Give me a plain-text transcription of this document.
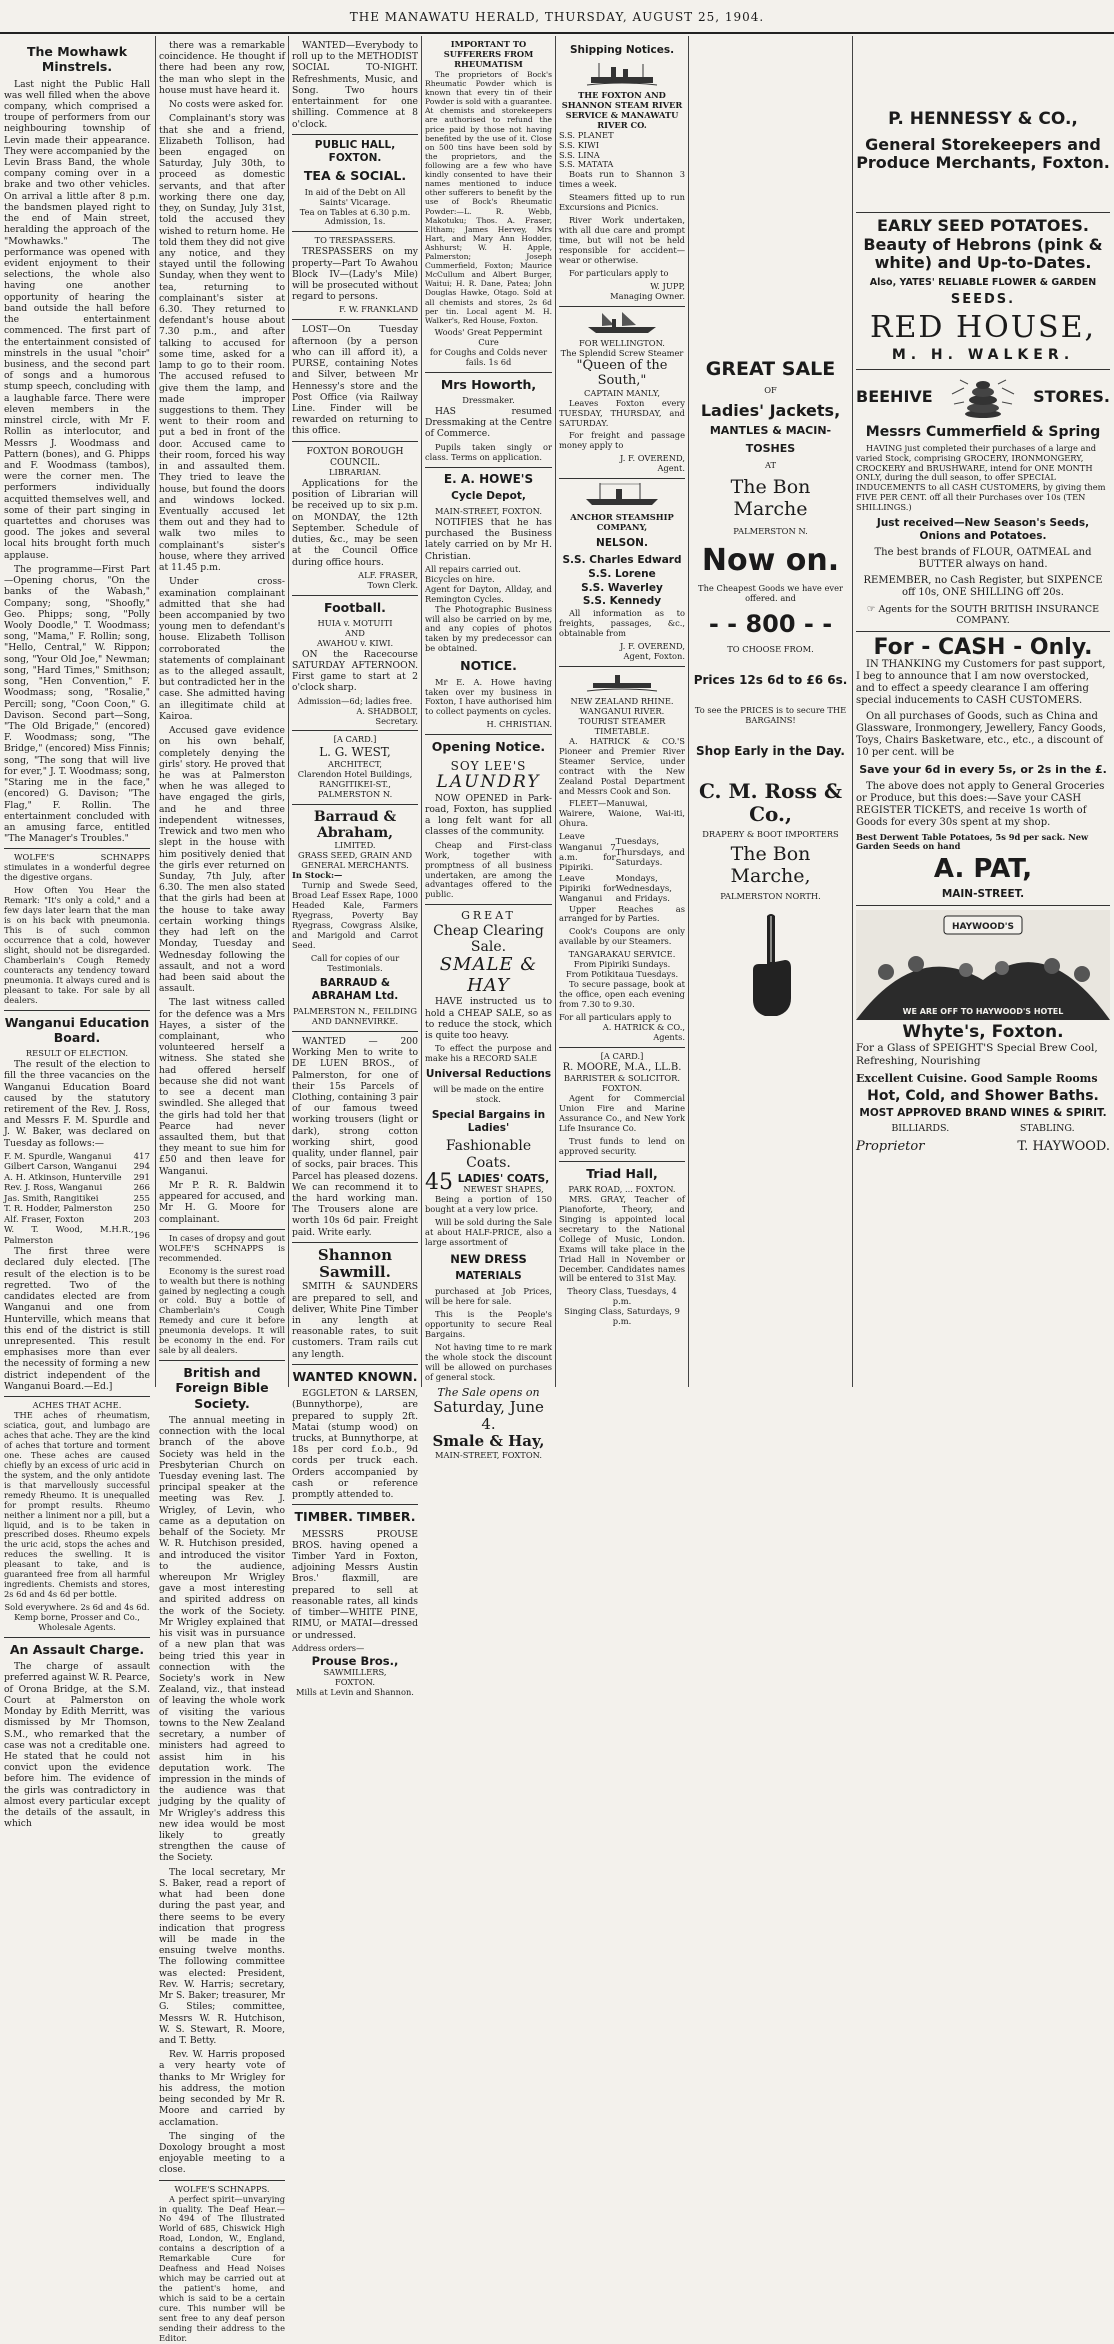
THE MANAWATU HERALD, THURSDAY, AUGUST 25, 1904.
The Mowhawk Minstrels.

Last night the Public Hall was well filled when the above company, which comprised a troupe of performers from our neighbouring township of Levin made their appearance. They were accompanied by the Levin Brass Band, the whole company coming over in a brake and two other vehicles. On arrival a little after 8 p.m. the bandsmen played right to the end of Main street, heralding the approach of the "Mowhawks." The performance was opened with evident enjoyment to their selections, the whole also having one another opportunity of hearing the band outside the hall before the entertainment commenced. The first part of the entertainment consisted of minstrels in the usual "choir" business, and the second part of songs and a humorous stump speech, concluding with a laughable farce. There were eleven members in the minstrel circle, with Mr F. Rollin as interlocutor, and Messrs J. Woodmass and Pattern (bones), and G. Phipps and F. Woodmass (tambos), were the corner men. The performers individually acquitted themselves well, and some of their part singing in quartettes and choruses was good. The jokes and several local hits brought forth much applause.

The programme—First Part—Opening chorus, "On the banks of the Wabash," Company; song, "Shoofly," Geo. Phipps; song, "Polly Wooly Doodle," T. Woodmass; song, "Mama," F. Rollin; song, "Hello, Central," W. Rippon; song, "Your Old Joe," Newman; song, "Hard Times," Smithson; song, "Hen Convention," F. Woodmass; song, "Rosalie," Percill; song, "Coon Coon," G. Davison. Second part—Song, "The Old Brigade," (encored) F. Woodmass; song, "The Bridge," (encored) Miss Finnis; song, "The song that will live for ever," J. T. Woodmass; song, "Staring me in the face," (encored) G. Davison; "The Flag," F. Rollin. The entertainment concluded with an amusing farce, entitled "The Manager's Troubles."

WOLFE'S SCHNAPPS stimulates in a wonderful degree the digestive organs.

How Often You Hear the Remark: "It's only a cold," and a few days later learn that the man is on his back with pneumonia. This is of such common occurrence that a cold, however slight, should not be disregarded. Chamberlain's Cough Remedy counteracts any tendency toward pneumonia. It always cured and is pleasant to take. For sale by all dealers.

Wanganui Education Board.
RESULT OF ELECTION.

The result of the election to fill the three vacancies on the Wanganui Education Board caused by the statutory retirement of the Rev. J. Ross, and Messrs F. M. Spurdle and J. W. Baker, was declared on Tuesday as follows:—

F. M. Spurdle, Wanganui	417
Gilbert Carson, Wanganui	294
A. H. Atkinson, Hunterville	291
Rev. J. Ross, Wanganui	266
Jas. Smith, Rangitikei	255
T. R. Hodder, Palmerston	250
Alf. Fraser, Foxton	203
W. T. Wood, M.H.R., Palmerston	196

The first three were declared duly elected. [The result of the election is to be regretted. Two of the candidates elected are from Wanganui and one from Hunterville, which means that this end of the district is still unrepresented. This result emphasises more than ever the necessity of forming a new district independent of the Wanganui Board.—Ed.]

ACHES THAT ACHE.

THE aches of rheumatism, sciatica, gout, and lumbago are aches that ache. They are the kind of aches that torture and torment one. These aches are caused chiefly by an excess of uric acid in the system, and the only antidote is that marvellously successful remedy Rheumo. It is unequalled for prompt results. Rheumo neither a liniment nor a pill, but a liquid, and is to be taken in prescribed doses. Rheumo expels the uric acid, stops the aches and reduces the swelling. It is pleasant to take, and is guaranteed free from all harmful ingredients. Chemists and stores, 2s 6d and 4s 6d per bottle.

Sold everywhere. 2s 6d and 4s 6d.
Kemp borne, Prosser and Co., Wholesale Agents.
An Assault Charge.

The charge of assault preferred against W. R. Pearce, of Orona Bridge, at the S.M. Court at Palmerston on Monday by Edith Merritt, was dismissed by Mr Thomson, S.M., who remarked that the case was not a creditable one. He stated that he could not convict upon the evidence before him. The evidence of the girls was contradictory in almost every particular except the details of the assault, in which

there was a remarkable coincidence. He thought if there had been any row, the man who slept in the house must have heard it.

No costs were asked for.

Complainant's story was that she and a friend, Elizabeth Tollison, had been engaged on Saturday, July 30th, to proceed as domestic servants, and that after working there one day, they, on Sunday, July 31st, told the accused they wished to return home. He told them they did not give any notice, and they stayed until the following Sunday, when they went to tea, returning to complainant's sister at 6.30. They returned to defendant's house about 7.30 p.m., and after talking to accused for some time, asked for a lamp to go to their room. The accused refused to give them the lamp, and made improper suggestions to them. They went to their room and put a bed in front of the door. Accused came to their room, forced his way in and assaulted them. They tried to leave the house, but found the doors and windows locked. Eventually accused let them out and they had to walk two miles to complainant's sister's house, where they arrived at 11.45 p.m.

Under cross-examination complainant admitted that she had been accompanied by two young men to defendant's house. Elizabeth Tollison corroborated the statements of complainant as to the alleged assault, but contradicted her in the case. She admitted having an illegitimate child at Kairoa.

Accused gave evidence on his own behalf, completely denying the girls' story. He proved that he was at Palmerston when he was alleged to have engaged the girls, and he and three independent witnesses, Trewick and two men who slept in the house with him positively denied that the girls ever returned on Sunday, 7th July, after 6.30. The men also stated that the girls had been at the house to take away certain working things they had left on the Monday, Tuesday and Wednesday following the assault, and not a word had been said about the assault.

The last witness called for the defence was a Mrs Hayes, a sister of the complainant, who volunteered herself a witness. She stated she had offered herself because she did not want to see a decent man swindled. She alleged that the girls had told her that Pearce had never assaulted them, but that they meant to sue him for £50 and then leave for Wanganui.

Mr P. R. R. Baldwin appeared for accused, and Mr H. G. Moore for complainant.

In cases of dropsy and gout WOLFE'S SCHNAPPS is recommended.

Economy is the surest road to wealth but there is nothing gained by neglecting a cough or cold. Buy a bottle of Chamberlain's Cough Remedy and cure it before pneumonia develops. It will be economy in the end. For sale by all dealers.

British and Foreign Bible Society.

The annual meeting in connection with the local branch of the above Society was held in the Presbyterian Church on Tuesday evening last. The principal speaker at the meeting was Rev. J. Wrigley, of Levin, who came as a deputation on behalf of the Society. Mr W. R. Hutchison presided, and introduced the visitor to the audience, whereupon Mr Wrigley gave a most interesting and spirited address on the work of the Society. Mr Wrigley explained that his visit was in pursuance of a new plan that was being tried this year in connection with the Society's work in New Zealand, viz., that instead of leaving the whole work of visiting the various towns to the New Zealand secretary, a number of ministers had agreed to assist him in his deputation work. The impression in the minds of the audience was that judging by the quality of Mr Wrigley's address this new idea would be most likely to greatly strengthen the cause of the Society.

The local secretary, Mr S. Baker, read a report of what had been done during the past year, and there seems to be every indication that progress will be made in the ensuing twelve months. The following committee was elected: President, Rev. W. Harris; secretary, Mr S. Baker; treasurer, Mr G. Stiles; committee, Messrs W. R. Hutchison, W. S. Stewart, R. Moore, and T. Betty.

Rev. W. Harris proposed a very hearty vote of thanks to Mr Wrigley for his address, the motion being seconded by Mr R. Moore and carried by acclamation.

The singing of the Doxology brought a most enjoyable meeting to a close.

WOLFE'S SCHNAPPS.

A perfect spirit—unvarying in quality. The Deaf Hear.—No 494 of The Illustrated World of 685, Chiswick High Road, London, W., England, contains a description of a Remarkable Cure for Deafness and Head Noises which may be carried out at the patient's home, and which is said to be a certain cure. This number will be sent free to any deaf person sending their address to the Editor.

WANTED—Everybody to roll up to the METHODIST SOCIAL TO-NIGHT. Refreshments, Music, and Song. Two hours entertainment for one shilling. Commence at 8 o'clock.

PUBLIC HALL, FOXTON.
TEA & SOCIAL.
In aid of the Debt on All Saints' Vicarage.
Tea on Tables at 6.30 p.m.
Admission, 1s.
TO TRESPASSERS.

TRESPASSERS on my property—Part To Awahou Block IV—(Lady's Mile) will be prosecuted without regard to persons.

F. W. FRANKLAND

LOST—On Tuesday afternoon (by a person who can ill afford it), a PURSE, containing Notes and Silver, between Mr Hennessy's store and the Post Office (via Railway Line. Finder will be rewarded on returning to this office.

FOXTON BOROUGH COUNCIL.
LIBRARIAN.

Applications for the position of Librarian will be received up to six p.m. on MONDAY, the 12th September. Schedule of duties, &c., may be seen at the Council Office during office hours.

ALF. FRASER,
Town Clerk.
Football.
HUIA v. MOTUITI
AND
AWAHOU v. KIWI.

ON the Racecourse SATURDAY AFTERNOON. First game to start at 2 o'clock sharp.

Admission—6d; ladies free.
A. SHADBOLT,
Secretary.
[A CARD.]
L. G. WEST,
ARCHITECT,
Clarendon Hotel Buildings,
RANGITIKEI-ST., PALMERSTON N.
Barraud & Abraham,
LIMITED.
GRASS SEED, GRAIN AND GENERAL MERCHANTS.
In Stock:—

Turnip and Swede Seed, Broad Leaf Essex Rape, 1000 Headed Kale, Farmers Ryegrass, Poverty Bay Ryegrass, Cowgrass Alsike, and Marigold and Carrot Seed.

Call for copies of our Testimonials.
BARRAUD & ABRAHAM Ltd.
PALMERSTON N., FEILDING AND DANNEVIRKE.

WANTED — 200 Working Men to write to DE LUEN BROS., of Palmerston, for one of their 15s Parcels of Clothing, containing 3 pair of our famous tweed working trousers (light or dark), strong cotton working shirt, good quality, under flannel, pair of socks, pair braces. This Parcel has pleased dozens. We can recommend it to the hard working man. The Trousers alone are worth 10s 6d pair. Freight paid. Write early.

Shannon Sawmill.

SMITH & SAUNDERS are prepared to sell, and deliver, White Pine Timber in any length at reasonable rates, to suit customers. Tram rails cut any length.

WANTED KNOWN.

EGGLETON & LARSEN, (Bunnythorpe), are prepared to supply 2ft. Matai (stump wood) on trucks, at Bunnythorpe, at 18s per cord f.o.b., 9d cords per truck each. Orders accompanied by cash or reference promptly attended to.

TIMBER. TIMBER.

MESSRS PROUSE BROS. having opened a Timber Yard in Foxton, adjoining Messrs Austin Bros.' flaxmill, are prepared to sell at reasonable rates, all kinds of timber—WHITE PINE, RIMU, or MATAI—dressed or undressed.

Address orders—
Prouse Bros.,
SAWMILLERS,
FOXTON.
Mills at Levin and Shannon.
IMPORTANT TO SUFFERERS FROM RHEUMATISM

The proprietors of Bock's Rheumatic Powder which is known that every tin of their Powder is sold with a guarantee. At chemists and storekeepers are authorised to refund the price paid by those not having benefited by the use of it. Close on 500 tins have been sold by the proprietors, and the following are a few who have kindly consented to have their names mentioned to induce other sufferers to benefit by the use of Bock's Rheumatic Powder:—L. R. Webb, Makotuku; Thos. A. Fraser, Eltham; James Hervey, Mrs Hart, and Mary Ann Hodder, Ashhurst; W. H. Apple, Palmerston; Joseph Cummerfield, Foxton; Maurice McCullum and Albert Burger, Waitui; H. R. Dane, Patea; John Douglas Hawke, Otago. Sold at all chemists and stores, 2s 6d per tin. Local agent M. H. Walker's, Red House, Foxton.

Woods' Great Peppermint Cure
for Coughs and Colds never fails. 1s 6d
Mrs Howorth,
Dressmaker.

HAS resumed Dressmaking at the Centre of Commerce.

Pupils taken singly or class. Terms on application.

E. A. HOWE'S
Cycle Depot,
MAIN-STREET, FOXTON.

NOTIFIES that he has purchased the Business lately carried on by Mr H. Christian.

All repairs carried out.
Bicycles on hire.
Agent for Dayton, Allday, and Remington Cycles.

The Photographic Business will also be carried on by me, and any copies of photos taken by my predecessor can be obtained.

NOTICE.

Mr E. A. Howe having taken over my business in Foxton, I have authorised him to collect payments on cycles.

H. CHRISTIAN.
Opening Notice.
SOY LEE'S
LAUNDRY

NOW OPENED in Park-road, Foxton, has supplied a long felt want for all classes of the community.

Cheap and First-class Work, together with promptness of all business undertaken, are among the advantages offered to the public.

GREAT
Cheap Clearing Sale.
SMALE & HAY

HAVE instructed us to hold a CHEAP SALE, so as to reduce the stock, which is quite too heavy.

To effect the purpose and make his a RECORD SALE

Universal Reductions
will be made on the entire stock.
Special Bargains in Ladies'
Fashionable Coats.
45 LADIES' COATS,
NEWEST SHAPES,

Being a portion of 150 bought at a very low price.

Will be sold during the Sale at about HALF-PRICE, also a large assortment of

NEW DRESS
MATERIALS

purchased at Job Prices, will be here for sale.

This is the People's opportunity to secure Real Bargains.

Not having time to re mark the whole stock the discount will be allowed on purchases of general stock.

The Sale opens on
Saturday, June 4.
Smale & Hay,
MAIN-STREET, FOXTON.
Shipping Notices.
THE FOXTON AND SHANNON STEAM RIVER SERVICE & MANAWATU RIVER CO.
S.S. PLANET
S.S. KIWI
S.S. LINA
S.S. MATATA

Boats run to Shannon 3 times a week.

Steamers fitted up to run Excursions and Picnics.

River Work undertaken, with all due care and prompt time, but will not be held responsible for accident—wear or otherwise.

For particulars apply to

W. JUPP,
Managing Owner.
FOR WELLINGTON.
The Splendid Screw Steamer
"Queen of the South,"
CAPTAIN MANLY,

Leaves Foxton every TUESDAY, THURSDAY, and SATURDAY.

For freight and passage money apply to

J. F. OVEREND,
Agent.
ANCHOR STEAMSHIP COMPANY,
NELSON.
S.S. Charles Edward
S.S. Lorene
S.S. Waverley
S.S. Kennedy

All information as to freights, passages, &c., obtainable from

J. F. OVEREND,
Agent, Foxton.
NEW ZEALAND RHINE.
WANGANUI RIVER.
TOURIST STEAMER TIMETABLE.

A. HATRICK & CO.'S Pioneer and Premier River Steamer Service, under contract with the New Zealand Postal Department and Messrs Cook and Son.

FLEET—Manuwai, Wairere, Waione, Wai-iti, Ohura.

Leave Wanganui 7 a.m. for Pipiriki.	Tuesdays, Thursdays, and Saturdays.
Leave Pipiriki for Wanganui	Mondays, Wednesdays, and Fridays.

Upper Reaches as arranged for by Parties.

Cook's Coupons are only available by our Steamers.

TANGARAKAU SERVICE.
From Pipiriki Sundays.
From Potikitaua Tuesdays.

To secure passage, book at the office, open each evening from 7.30 to 9.30.

For all particulars apply to
A. HATRICK & CO.,
Agents.
[A CARD.]
R. MOORE, M.A., LL.B.
BARRISTER & SOLICITOR.
FOXTON.

Agent for Commercial Union Fire and Marine Assurance Co., and New York Life Insurance Co.

Trust funds to lend on approved security.

Triad Hall,
PARK ROAD, ... FOXTON.

MRS. GRAY, Teacher of Pianoforte, Theory, and Singing is appointed local secretary to the National College of Music, London. Exams will take place in the Triad Hall in November or December. Candidates names will be entered to 31st May.

Theory Class, Tuesdays, 4 p.m.
Singing Class, Saturdays, 9 p.m.
GREAT SALE
OF
Ladies' Jackets,
MANTLES & MACIN-
TOSHES
AT
The Bon Marche
PALMERSTON N.
Now on.
The Cheapest Goods we have ever offered. and
- - 800 - -
TO CHOOSE FROM.
Prices 12s 6d to £6 6s.
To see the PRICES is to secure THE BARGAINS!
Shop Early in the Day.
C. M. Ross & Co.,
DRAPERY & BOOT IMPORTERS
The Bon Marche,
PALMERSTON NORTH.
P. HENNESSY & CO.,
General Storekeepers and Produce Merchants, Foxton.
EARLY SEED POTATOES.
Beauty of Hebrons (pink & white) and Up-to-Dates.
Also, YATES' RELIABLE FLOWER & GARDEN
SEEDS.
RED HOUSE,
M. H. WALKER.
BEEHIVE	STORES.
Messrs Cummerfield & Spring

HAVING just completed their purchases of a large and varied Stock, comprising GROCERY, IRONMONGERY, CROCKERY and BRUSHWARE, intend for ONE MONTH ONLY, during the dull season, to offer SPECIAL INDUCEMENTS to all CASH CUSTOMERS, by giving them FIVE PER CENT. off all their Purchases over 10s (TEN SHILLINGS.)

Just received—New Season's Seeds, Onions and Potatoes.
The best brands of FLOUR, OATMEAL and BUTTER always on hand.
REMEMBER, no Cash Register, but SIXPENCE off 10s, ONE SHILLING off 20s.
☞ Agents for the SOUTH BRITISH INSURANCE COMPANY.
For - CASH - Only.

IN THANKING my Customers for past support, I beg to announce that I am now overstocked, and to effect a speedy clearance I am offering special inducements to CASH CUSTOMERS.

On all purchases of Goods, such as China and Glassware, Ironmongery, Jewellery, Fancy Goods, Toys, Chairs Basketware, etc., etc., a discount of 10 per cent. will be

Save your 6d in every 5s, or 2s in the £.

The above does not apply to General Groceries or Produce, but this does:—Save your CASH REGISTER TICKETS, and receive 1s worth of Goods for every 30s spent at my shop.

Best Derwent Table Potatoes, 5s 9d per sack. New Garden Seeds on hand
A. PAT,
MAIN-STREET.
HAYWOOD'S
WE ARE OFF TO HAYWOOD'S HOTEL
Whyte's, Foxton.
For a Glass of SPEIGHT'S Special Brew Cool, Refreshing, Nourishing
Excellent Cuisine. Good Sample Rooms
Hot, Cold, and Shower Baths.
MOST APPROVED BRAND WINES & SPIRIT.
BILLIARDS.	STABLING.
Proprietor	T. HAYWOOD.
